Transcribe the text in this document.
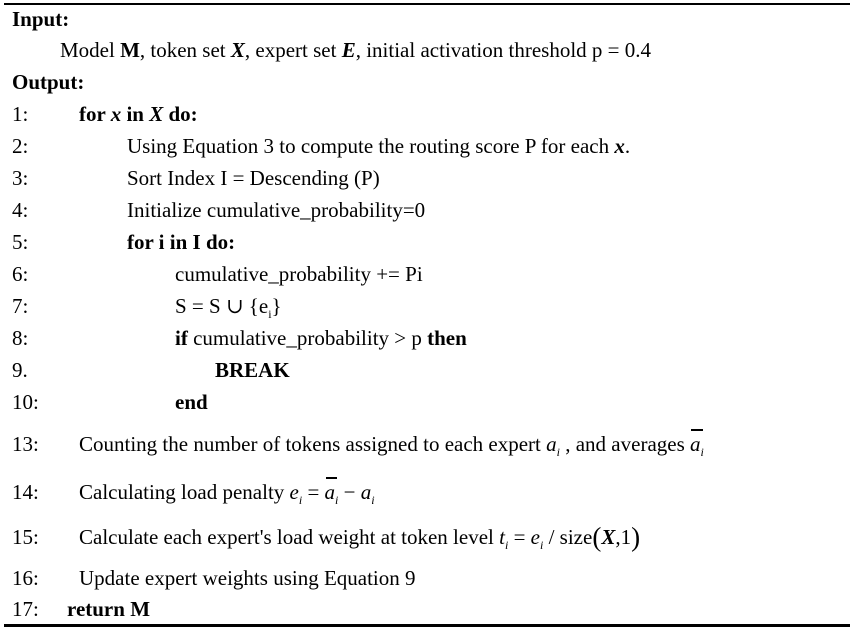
Input:
Model M, token set X, expert set E, initial activation threshold p = 0.4
Output:
1: for x in X do:
2:	Using Equation 3 to compute the routing score P for each x.
3:	Sort Index I = Descending (P)
4:	Initialize cumulative_probability=0
5:	for i in I do:
6:	cumulative_probability += Pi
7:	S = S ∪ $\{e_i\}$
8:	if cumulative_probability > p then
9.	BREAK
10:	end
13: Counting the number of tokens assigned to each expert $a_i$ , and averages $a_i$
14: Calculating load penalty $e_i = a_i - a_i$
15: Calculate each expert's load weight at token level $t_i = e_i$ / size(X,1)
16: Update expert weights using Equation 9
17: return M
